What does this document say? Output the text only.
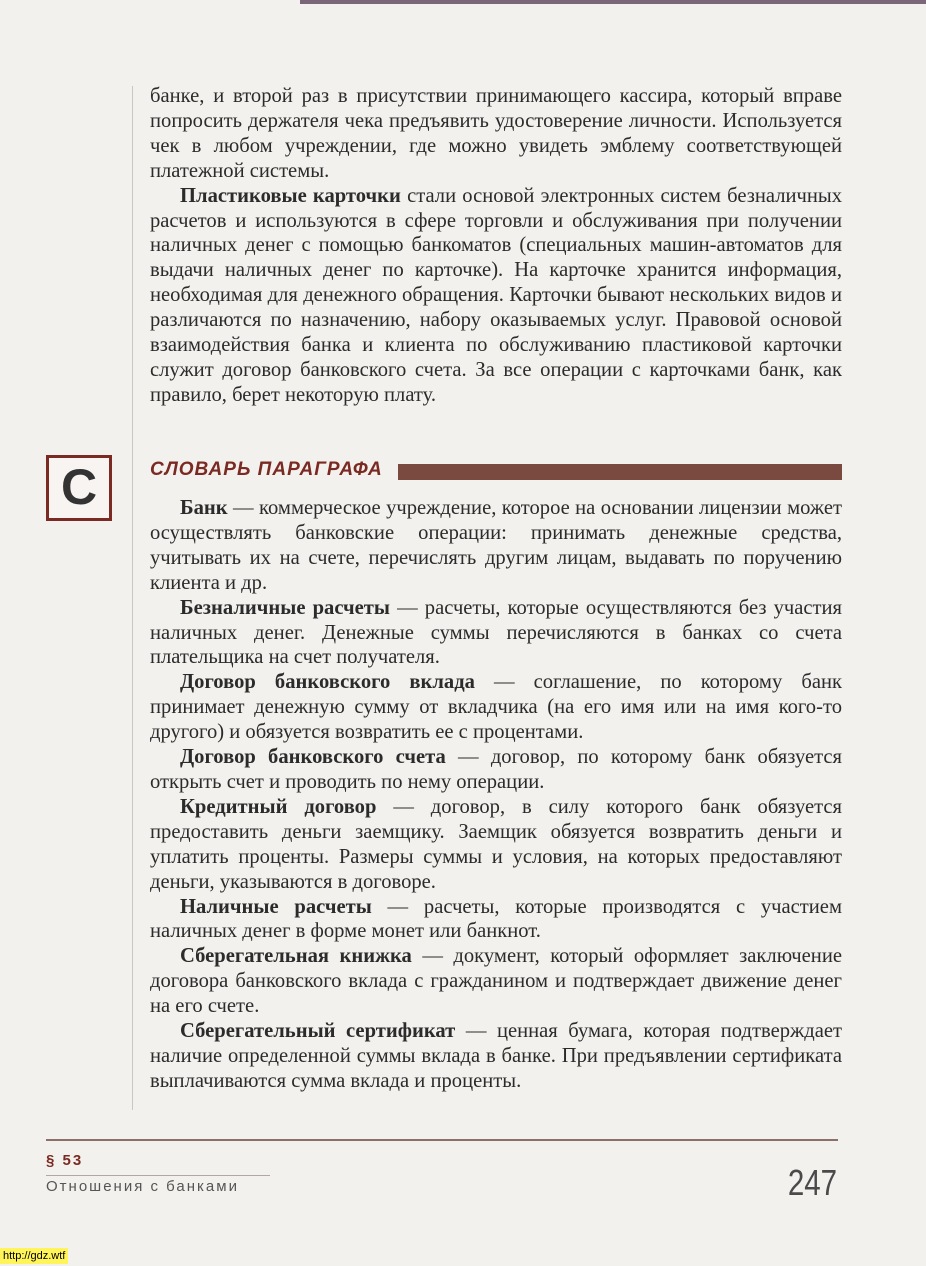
банке, и второй раз в присутствии принимающего кассира, который вправе попросить держателя чека предъявить удостоверение личности. Используется чек в любом учреждении, где можно увидеть эмблему соответствующей платежной системы.

Пластиковые карточки стали основой электронных систем безналичных расчетов и используются в сфере торговли и обслуживания при получении наличных денег с помощью банкоматов (специальных машин-автоматов для выдачи наличных денег по карточке). На карточке хранится информация, необходимая для денежного обращения. Карточки бывают нескольких видов и различаются по назначению, набору оказываемых услуг. Правовой основой взаимодействия банка и клиента по обслуживанию пластиковой карточки служит договор банковского счета. За все операции с карточками банк, как правило, берет некоторую плату.

С	СЛОВАРЬ ПАРАГРАФА

Банк — коммерческое учреждение, которое на основании лицензии может осуществлять банковские операции: принимать денежные средства, учитывать их на счете, перечислять другим лицам, выдавать по поручению клиента и др.

Безналичные расчеты — расчеты, которые осуществляются без участия наличных денег. Денежные суммы перечисляются в банках со счета плательщика на счет получателя.

Договор банковского вклада — соглашение, по которому банк принимает денежную сумму от вкладчика (на его имя или на имя кого-то другого) и обязуется возвратить ее с процентами.

Договор банковского счета — договор, по которому банк обязуется открыть счет и проводить по нему операции.

Кредитный договор — договор, в силу которого банк обязуется предоставить деньги заемщику. Заемщик обязуется возвратить деньги и уплатить проценты. Размеры суммы и условия, на которых предоставляют деньги, указываются в договоре.

Наличные расчеты — расчеты, которые производятся с участием наличных денег в форме монет или банкнот.

Сберегательная книжка — документ, который оформляет заключение договора банковского вклада с гражданином и подтверждает движение денег на его счете.

Сберегательный сертификат — ценная бумага, которая подтверждает наличие определенной суммы вклада в банке. При предъявлении сертификата выплачиваются сумма вклада и проценты.

§ 53
Отношения с банками	247
http://gdz.wtf
